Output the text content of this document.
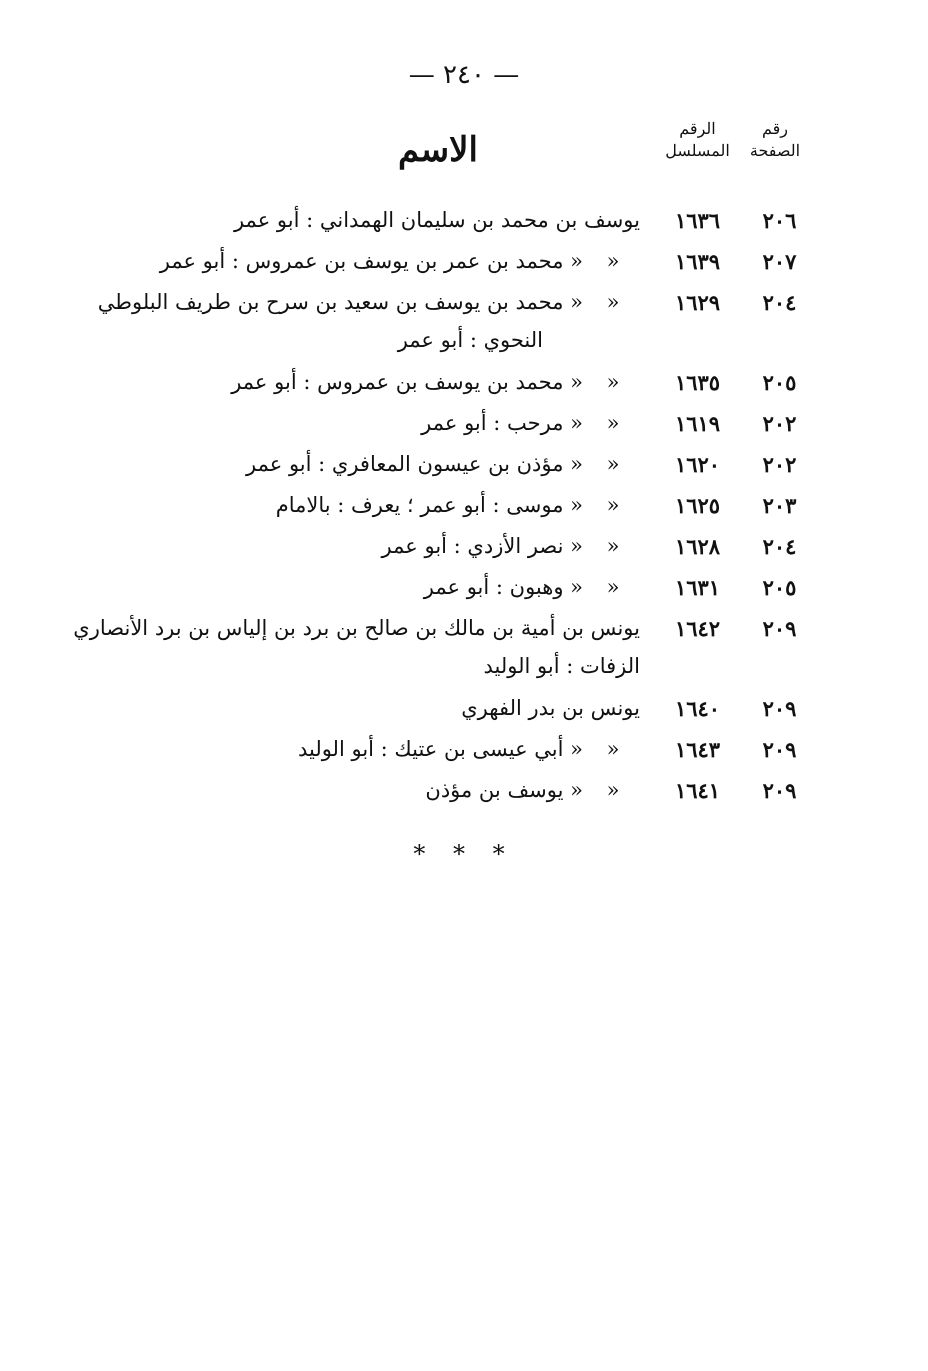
— ٢٤٠ —
رقم
الصفحة
الرقم
المسلسل
الاسم
٢٠٦
١٦٣٦
يوسف بن محمد بن سليمان الهمداني : أبو عمر
٢٠٧
١٦٣٩
«
« محمد بن عمر بن يوسف بن عمروس : أبو عمر
٢٠٤
١٦٢٩
«
« محمد بن يوسف بن سعيد بن سرح بن طريف البلوطي
النحوي : أبو عمر
٢٠٥
١٦٣٥
«
« محمد بن يوسف بن عمروس : أبو عمر
٢٠٢
١٦١٩
«
« مرحب : أبو عمر
٢٠٢
١٦٢٠
«
« مؤذن بن عيسون المعافري : أبو عمر
٢٠٣
١٦٢٥
«
« موسى : أبو عمر ؛ يعرف : بالامام
٢٠٤
١٦٢٨
«
« نصر الأزدي : أبو عمر
٢٠٥
١٦٣١
«
« وهبون : أبو عمر
٢٠٩
١٦٤٢
يونس بن أمية بن مالك بن صالح بن برد بن إلياس بن برد الأنصاري
الزفات : أبو الوليد
٢٠٩
١٦٤٠
يونس بن بدر الفهري
٢٠٩
١٦٤٣
«
« أبي عيسى بن عتيك : أبو الوليد
٢٠٩
١٦٤١
«
« يوسف بن مؤذن
* * *
